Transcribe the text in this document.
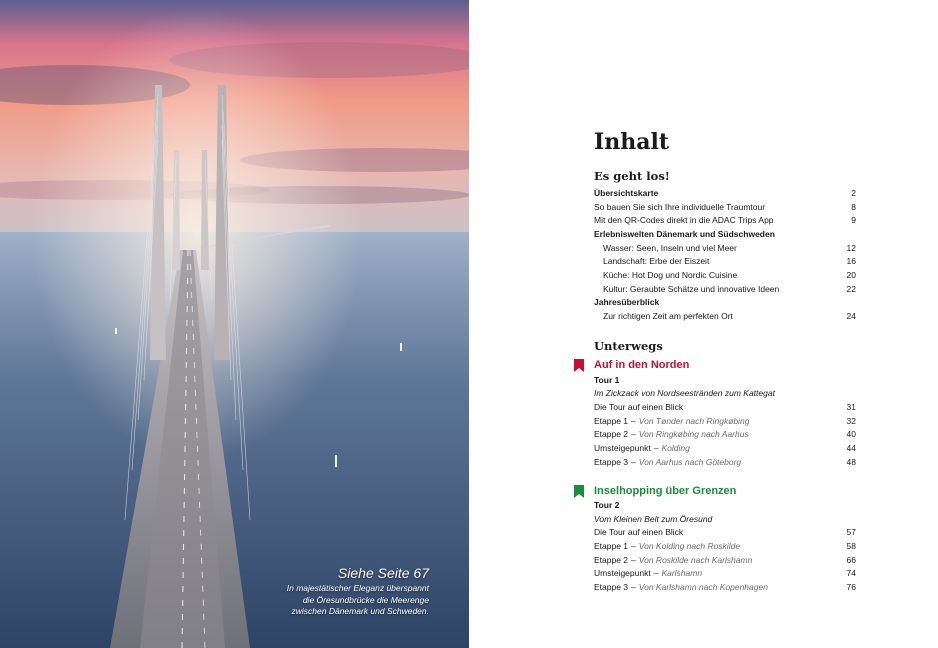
Siehe Seite 67
In majestätischer Eleganz überspannt
die Öresundbrücke die Meerenge
zwischen Dänemark und Schweden.
Inhalt
Es geht los!
Übersichtskarte	2
So bauen Sie sich Ihre individuelle Traumtour	8
Mit den QR-Codes direkt in die ADAC Trips App	9
Erlebniswelten Dänemark und Südschweden
Wasser: Seen, Inseln und viel Meer	12
Landschaft: Erbe der Eiszeit	16
Küche: Hot Dog und Nordic Cuisine	20
Kultur: Geraubte Schätze und innovative Ideen	22
Jahresüberblick
Zur richtigen Zeit am perfekten Ort	24
Unterwegs
Auf in den Norden
Tour 1
Im Zickzack von Nordseestränden zum Kattegat
Die Tour auf einen Blick	31
Etappe 1 – Von Tønder nach Ringkøbing	32
Etappe 2 – Von Ringkøbing nach Aarhus	40
Umsteigepunkt – Kolding	44
Etappe 3 – Von Aarhus nach Göteborg	48
Inselhopping über Grenzen
Tour 2
Vom Kleinen Belt zum Öresund
Die Tour auf einen Blick	57
Etappe 1 – Von Kolding nach Roskilde	58
Etappe 2 – Von Roskilde nach Karlshamn	66
Umsteigepunkt – Karlshamn	74
Etappe 3 – Von Karlshamn nach Kopenhagen	76
